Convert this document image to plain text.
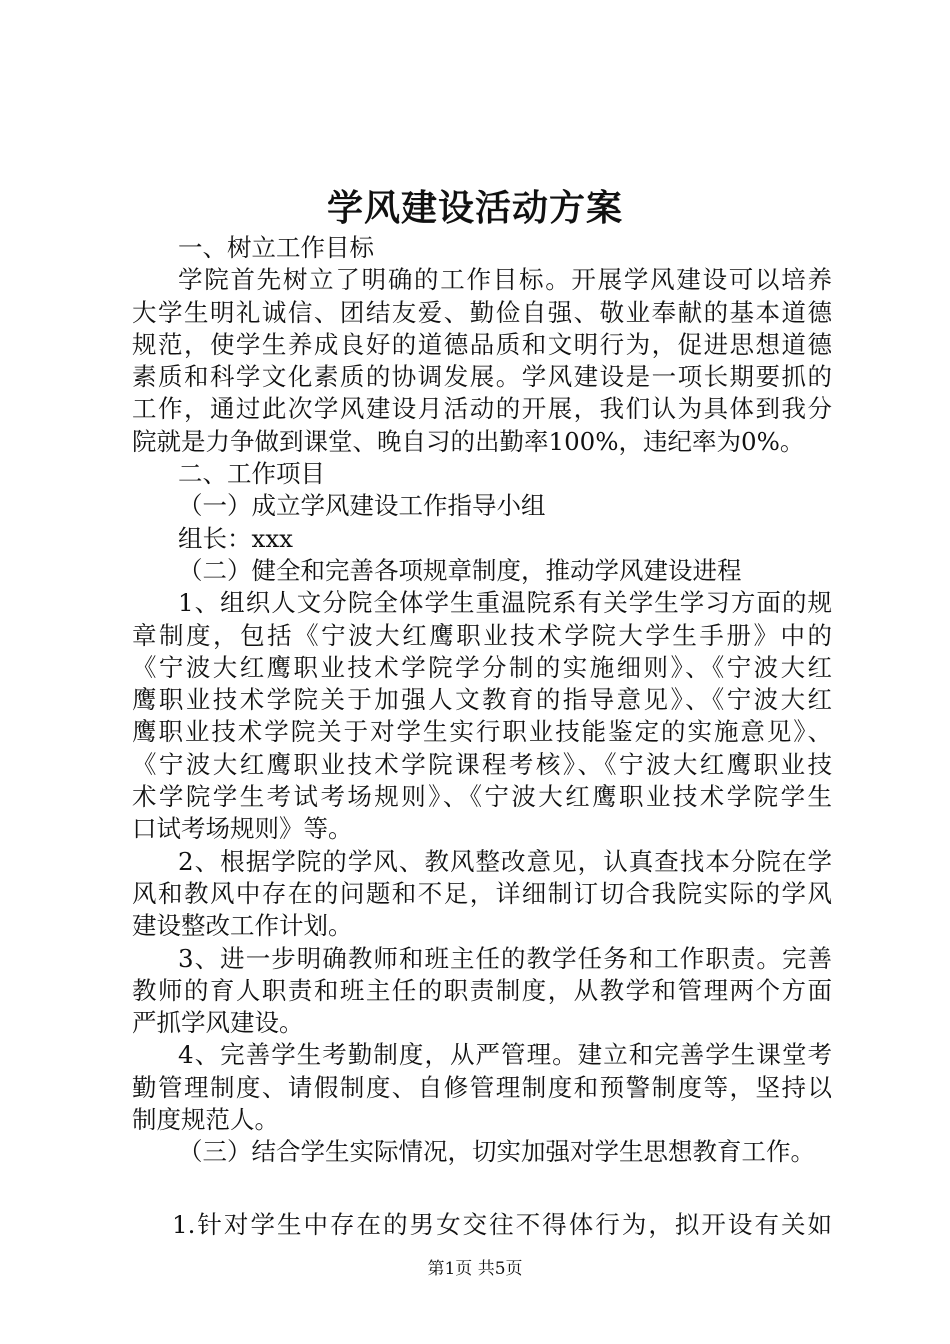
学风建设活动方案
一、树立工作目标
学院首先树立了明确的工作目标。开展学风建设可以培养
大学生明礼诚信、团结友爱、勤俭自强、敬业奉献的基本道德
规范，使学生养成良好的道德品质和文明行为，促进思想道德
素质和科学文化素质的协调发展。学风建设是一项长期要抓的
工作，通过此次学风建设月活动的开展，我们认为具体到我分
院就是力争做到课堂、晚自习的出勤率100%，违纪率为0%。
二、工作项目
（一）成立学风建设工作指导小组
组长：xxx
（二）健全和完善各项规章制度，推动学风建设进程
1、组织人文分院全体学生重温院系有关学生学习方面的规
章制度，包括《宁波大红鹰职业技术学院大学生手册》中的
《宁波大红鹰职业技术学院学分制的实施细则》、《宁波大红
鹰职业技术学院关于加强人文教育的指导意见》、《宁波大红
鹰职业技术学院关于对学生实行职业技能鉴定的实施意见》、
《宁波大红鹰职业技术学院课程考核》、《宁波大红鹰职业技
术学院学生考试考场规则》、《宁波大红鹰职业技术学院学生
口试考场规则》等。
2、根据学院的学风、教风整改意见，认真查找本分院在学
风和教风中存在的问题和不足，详细制订切合我院实际的学风
建设整改工作计划。
3、进一步明确教师和班主任的教学任务和工作职责。完善
教师的育人职责和班主任的职责制度，从教学和管理两个方面
严抓学风建设。
4、完善学生考勤制度，从严管理。建立和完善学生课堂考
勤管理制度、请假制度、自修管理制度和预警制度等，坚持以
制度规范人。
（三）结合学生实际情况，切实加强对学生思想教育工作。
1.针对学生中存在的男女交往不得体行为，拟开设有关如
第1页 共5页
